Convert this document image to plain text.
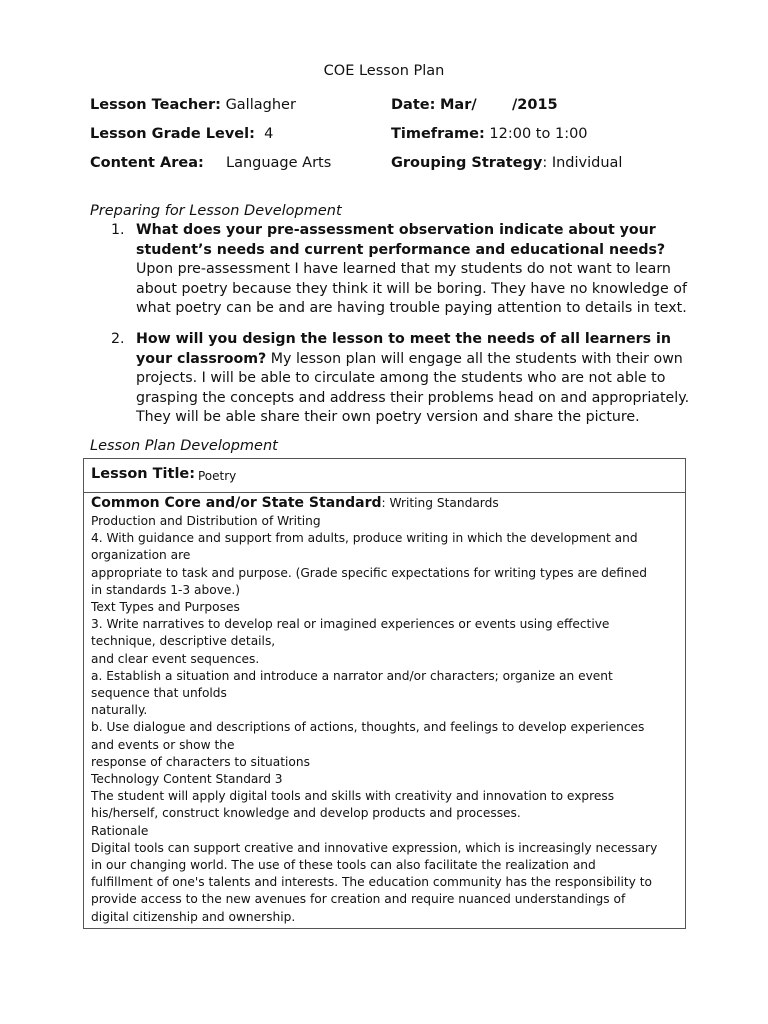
COE Lesson Plan
Lesson Teacher: Gallagher	Date: Mar/       /2015
Lesson Grade Level: 4	Timeframe: 12:00 to 1:00
Content Area: Language Arts	Grouping Strategy: Individual
Preparing for Lesson Development
1. What does your pre-assessment observation indicate about your student’s needs and current performance and educational needs? Upon pre-assessment I have learned that my students do not want to learn about poetry because they think it will be boring. They have no knowledge of what poetry can be and are having trouble paying attention to details in text.
2. How will you design the lesson to meet the needs of all learners in your classroom? My lesson plan will engage all the students with their own projects. I will be able to circulate among the students who are not able to grasping the concepts and address their problems head on and appropriately. They will be able share their own poetry version and share the picture.
Lesson Plan Development
Lesson Title: Poetry
Common Core and/or State Standard: Writing Standards
Production and Distribution of Writing
4. With guidance and support from adults, produce writing in which the development and
organization are
appropriate to task and purpose. (Grade specific expectations for writing types are defined
in standards 1-3 above.)
Text Types and Purposes
3. Write narratives to develop real or imagined experiences or events using effective
technique, descriptive details,
and clear event sequences.
a. Establish a situation and introduce a narrator and/or characters; organize an event
sequence that unfolds
naturally.
b. Use dialogue and descriptions of actions, thoughts, and feelings to develop experiences
and events or show the
response of characters to situations
Technology Content Standard 3
The student will apply digital tools and skills with creativity and innovation to express
his/herself, construct knowledge and develop products and processes.
Rationale
Digital tools can support creative and innovative expression, which is increasingly necessary
in our changing world. The use of these tools can also facilitate the realization and
fulfillment of one's talents and interests. The education community has the responsibility to
provide access to the new avenues for creation and require nuanced understandings of
digital citizenship and ownership.
